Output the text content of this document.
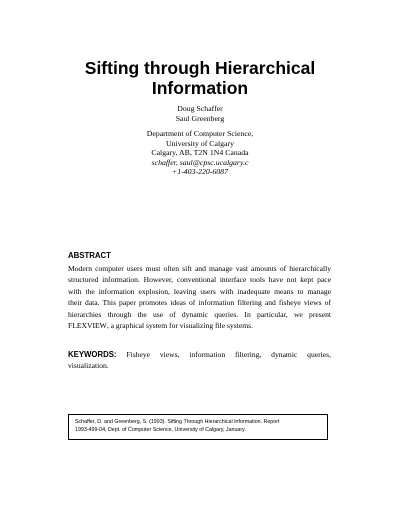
Sifting through Hierarchical
Information
Doug Schaffer
Saul Greenberg
Department of Computer Science,
University of Calgary
Calgary, AB, T2N 1N4 Canada
schaffer, saul@cpsc.ucalgary.c
+1-403-220-6087
ABSTRACT
Modern computer users must often sift and manage vast amounts of hierarchically
structured information. However, conventional interface tools have not kept pace
with the information explosion, leaving users with inadequate means to manage
their data. This paper promotes ideas of information filtering and fisheye views of
hierarchies through the use of dynamic queries. In particular, we present
FLEXVIEW, a graphical system for visualizing file systems.
KEYWORDS: Fisheye views, information filtering, dynamic queries,
visualization.
Schaffer, D. and Greenberg, S. (1993). Sifting Through Hierarchical Information. Report
1993-499-04, Dept. of Computer Science, University of Calgary, January.
